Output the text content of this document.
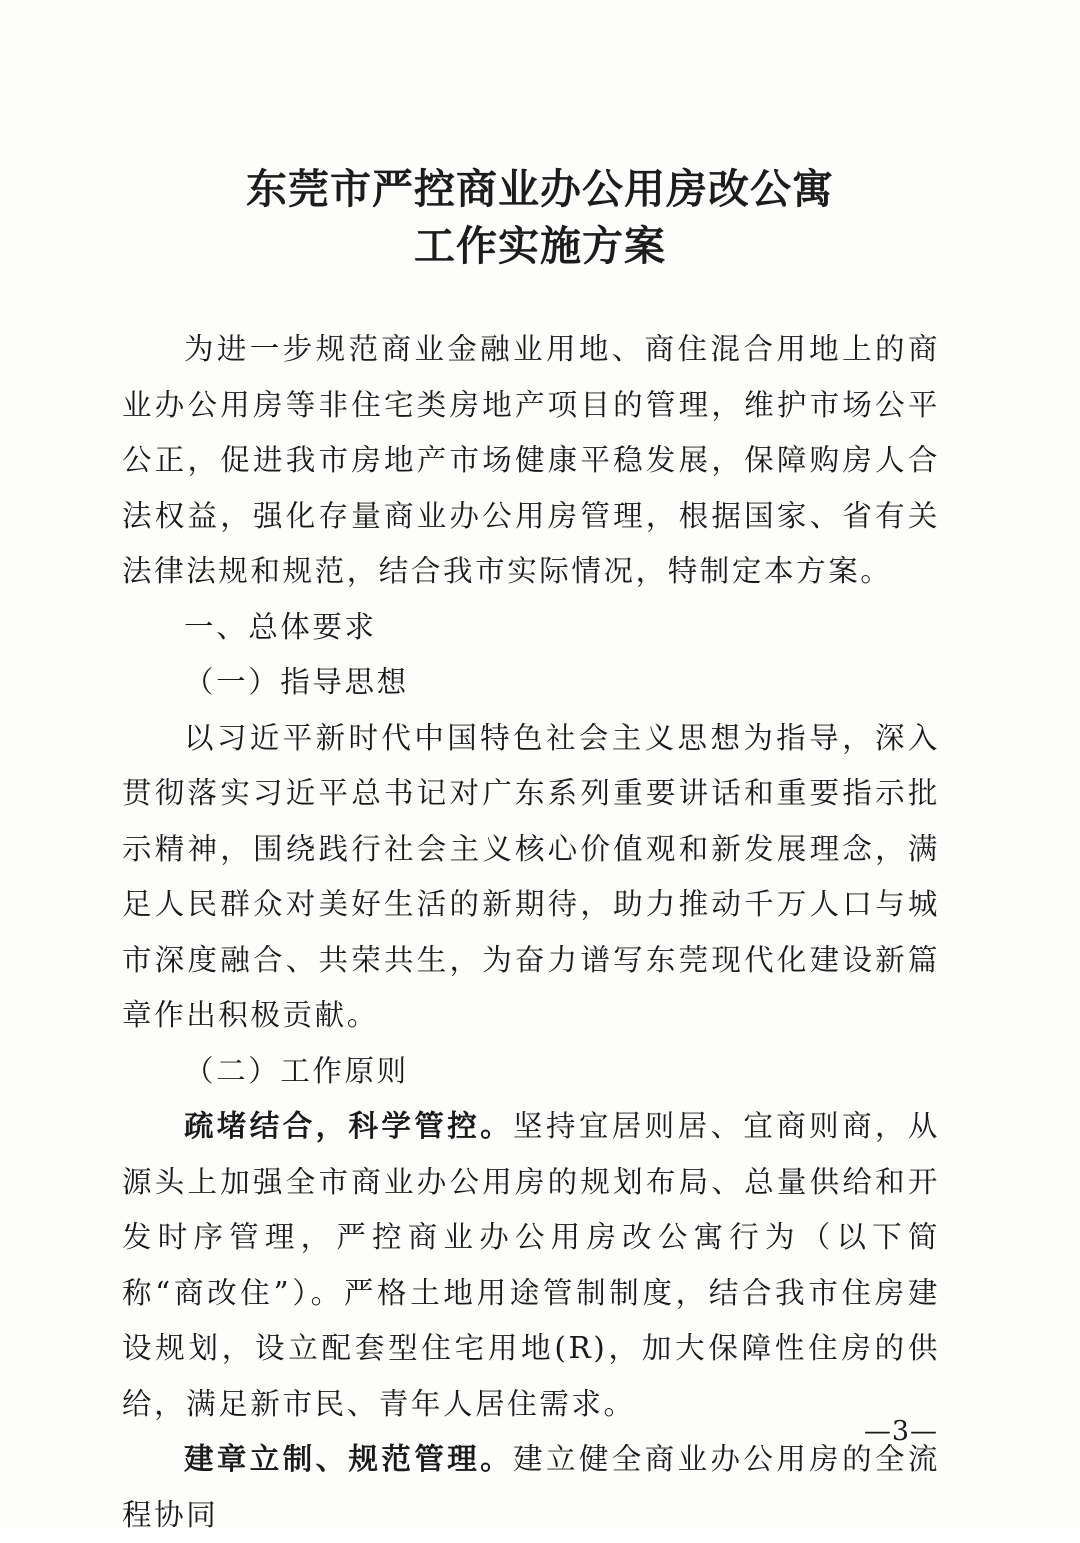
东莞市严控商业办公用房改公寓
工作实施方案

为进一步规范商业金融业用地、商住混合用地上的商业办公用房等非住宅类房地产项目的管理，维护市场公平公正，促进我市房地产市场健康平稳发展，保障购房人合法权益，强化存量商业办公用房管理，根据国家、省有关法律法规和规范，结合我市实际情况，特制定本方案。

一、总体要求

（一）指导思想

以习近平新时代中国特色社会主义思想为指导，深入贯彻落实习近平总书记对广东系列重要讲话和重要指示批示精神，围绕践行社会主义核心价值观和新发展理念，满足人民群众对美好生活的新期待，助力推动千万人口与城市深度融合、共荣共生，为奋力谱写东莞现代化建设新篇章作出积极贡献。

（二）工作原则

疏堵结合，科学管控。坚持宜居则居、宜商则商，从源头上加强全市商业办公用房的规划布局、总量供给和开发时序管理，严控商业办公用房改公寓行为（以下简称“商改住”）。严格土地用途管制制度，结合我市住房建设规划，设立配套型住宅用地(R)，加大保障性住房的供给，满足新市民、青年人居住需求。

建章立制、规范管理。建立健全商业办公用房的全流程协同

—3—
